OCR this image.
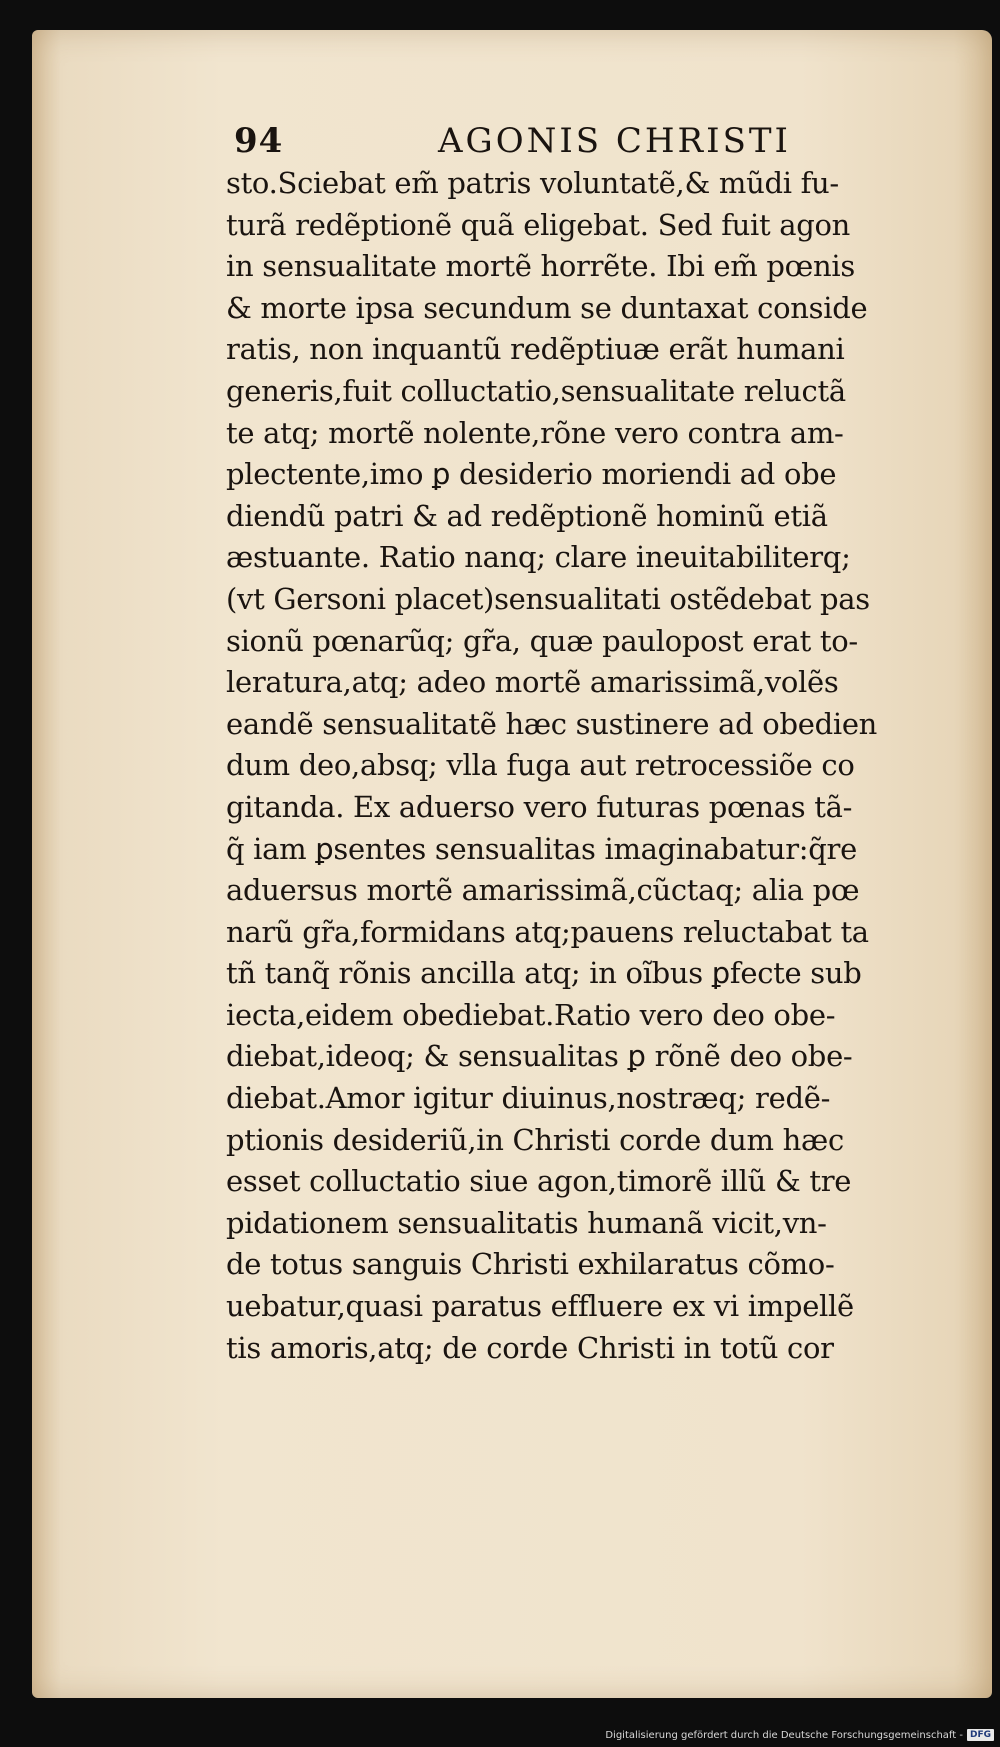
94	AGONIS CHRISTI
sto.Sciebat em̃ patris voluntatẽ,& mũdi fu-
turã redẽptionẽ quã eligebat. Sed fuit agon
in sensualitate mortẽ horrẽte. Ibi em̃ pœnis
& morte ipsa secundum se duntaxat conside
ratis, non inquantũ redẽptiuæ erãt humani
generis,fuit colluctatio,sensualitate reluctã
te atq; mortẽ nolente,rõne vero contra am-
plectente,imo ꝑ desiderio moriendi ad obe
diendũ patri & ad redẽptionẽ hominũ etiã
æstuante. Ratio nanq; clare ineuitabiliterq;
(vt Gersoni placet)sensualitati ostẽdebat pas
sionũ pœnarũq; gr̃a, quæ paulopost erat to-
leratura,atq; adeo mortẽ amarissimã,volẽs
eandẽ sensualitatẽ hæc sustinere ad obedien
dum deo,absq; vlla fuga aut retrocessiõe co
gitanda. Ex aduerso vero futuras pœnas tã-
q̃ iam ꝑsentes sensualitas imaginabatur:q̃re
aduersus mortẽ amarissimã,cũctaq; alia pœ
narũ gr̃a,formidans atq;pauens reluctabat ta
tñ tanq̃ rõnis ancilla atq; in oĩbus ꝑfecte sub
iecta,eidem obediebat.Ratio vero deo obe-
diebat,ideoq; & sensualitas ꝑ rõnẽ deo obe-
diebat.Amor igitur diuinus,nostræq; redẽ-
ptionis desideriũ,in Christi corde dum hæc
esset colluctatio siue agon,timorẽ illũ & tre
pidationem sensualitatis humanã vicit,vn-
de totus sanguis Christi exhilaratus cõmo-
uebatur,quasi paratus effluere ex vi impellẽ
tis amoris,atq; de corde Christi in totũ cor
Digitalisierung gefördert durch die Deutsche Forschungsgemeinschaft - DFG
